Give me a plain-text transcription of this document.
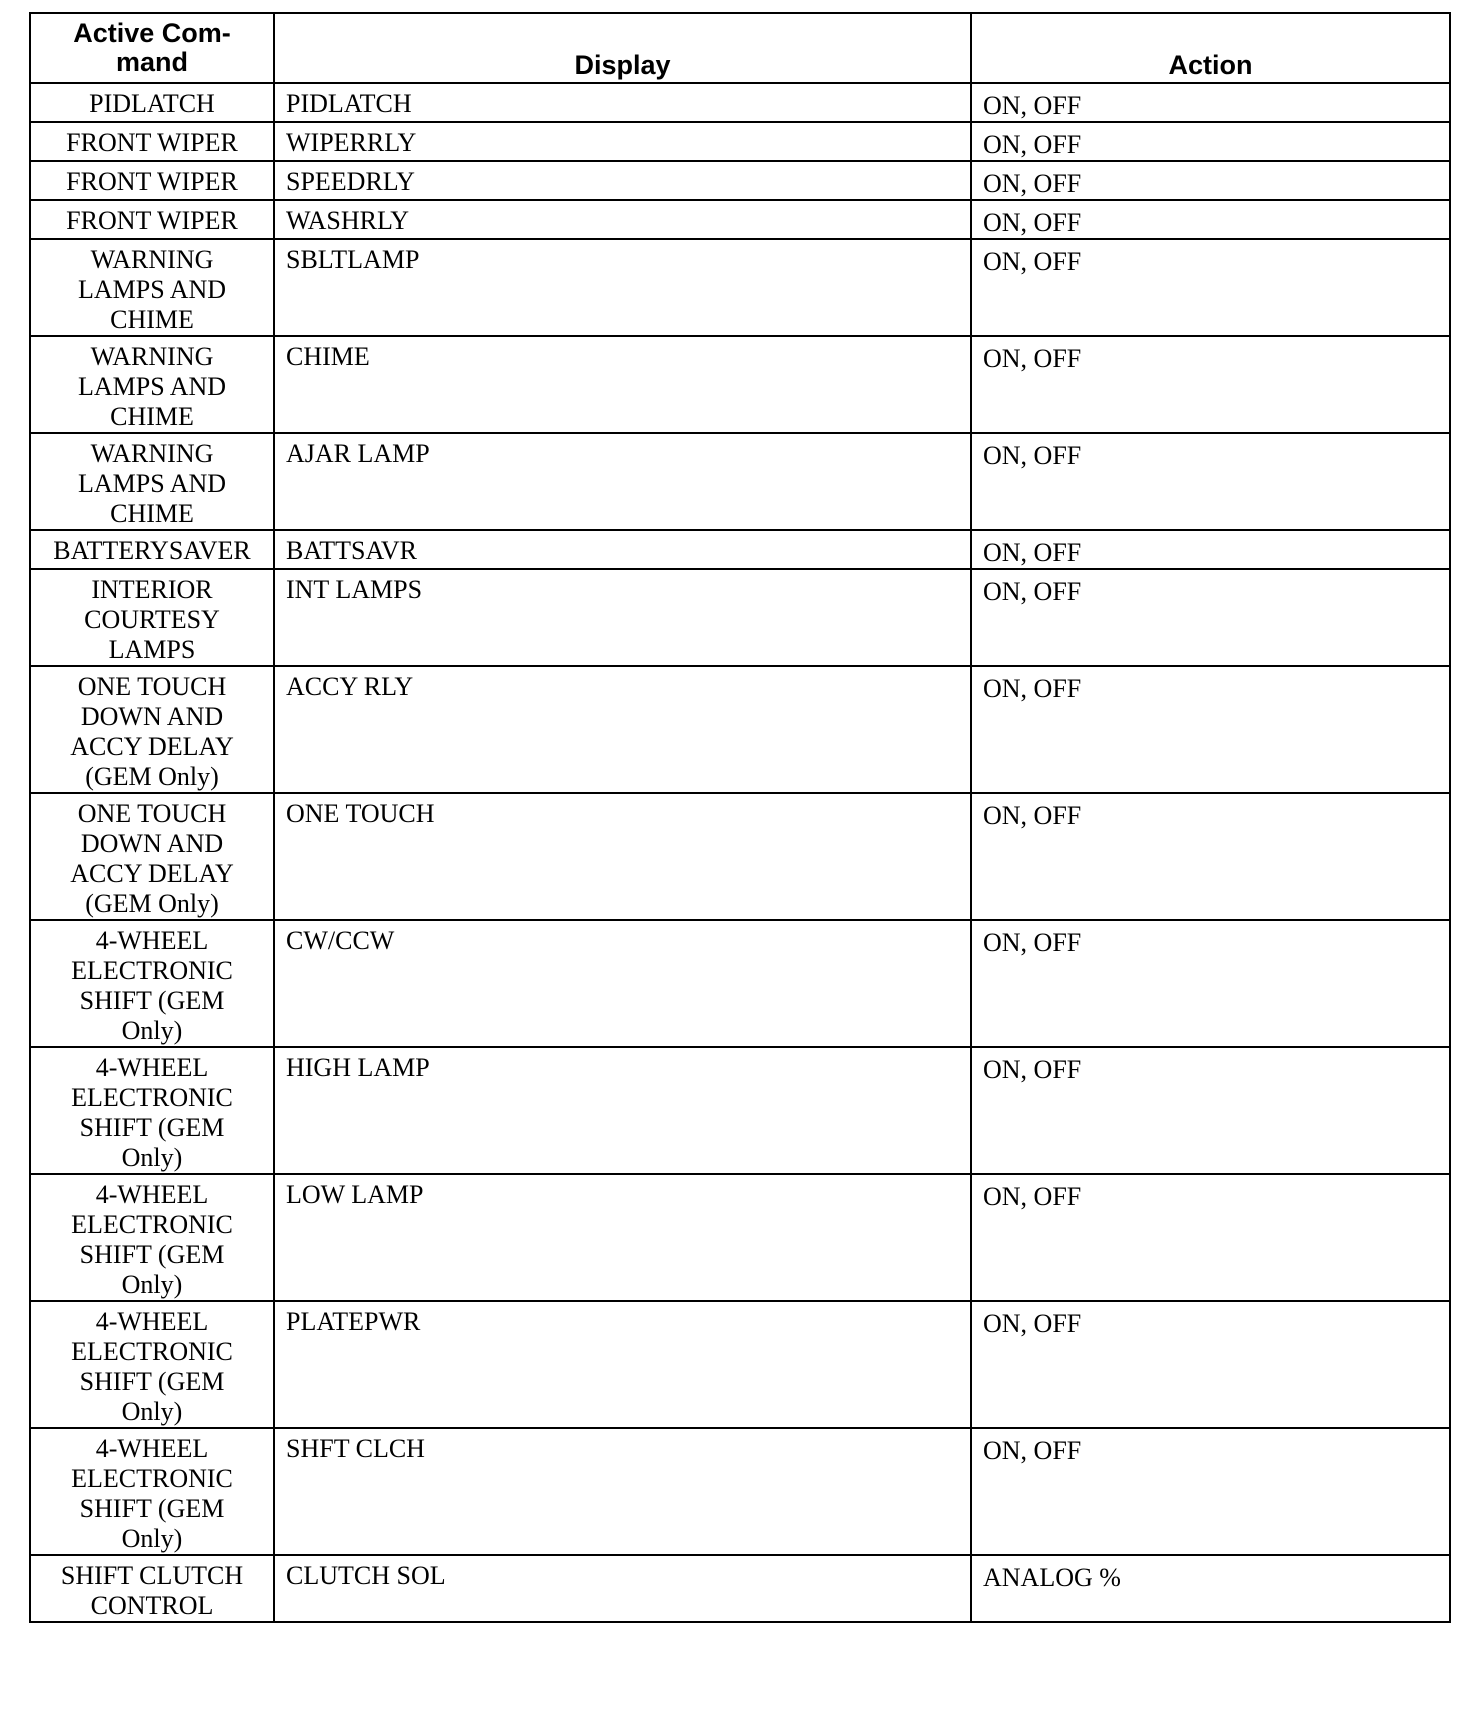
Active Com-
mand	Display	Action

PIDLATCH	PIDLATCH	ON, OFF

FRONT WIPER	WIPERRLY	ON, OFF

FRONT WIPER	SPEEDRLY	ON, OFF

FRONT WIPER	WASHRLY	ON, OFF

WARNING
LAMPS AND
CHIME	SBLTLAMP	ON, OFF

WARNING
LAMPS AND
CHIME	CHIME	ON, OFF

WARNING
LAMPS AND
CHIME	AJAR LAMP	ON, OFF

BATTERYSAVER	BATTSAVR	ON, OFF

INTERIOR
COURTESY
LAMPS	INT LAMPS	ON, OFF

ONE TOUCH
DOWN AND
ACCY DELAY
(GEM Only)	ACCY RLY	ON, OFF

ONE TOUCH
DOWN AND
ACCY DELAY
(GEM Only)	ONE TOUCH	ON, OFF

4-WHEEL
ELECTRONIC
SHIFT (GEM
Only)	CW/CCW	ON, OFF

4-WHEEL
ELECTRONIC
SHIFT (GEM
Only)	HIGH LAMP	ON, OFF

4-WHEEL
ELECTRONIC
SHIFT (GEM
Only)	LOW LAMP	ON, OFF

4-WHEEL
ELECTRONIC
SHIFT (GEM
Only)	PLATEPWR	ON, OFF

4-WHEEL
ELECTRONIC
SHIFT (GEM
Only)	SHFT CLCH	ON, OFF

SHIFT CLUTCH
CONTROL	CLUTCH SOL	ANALOG %
